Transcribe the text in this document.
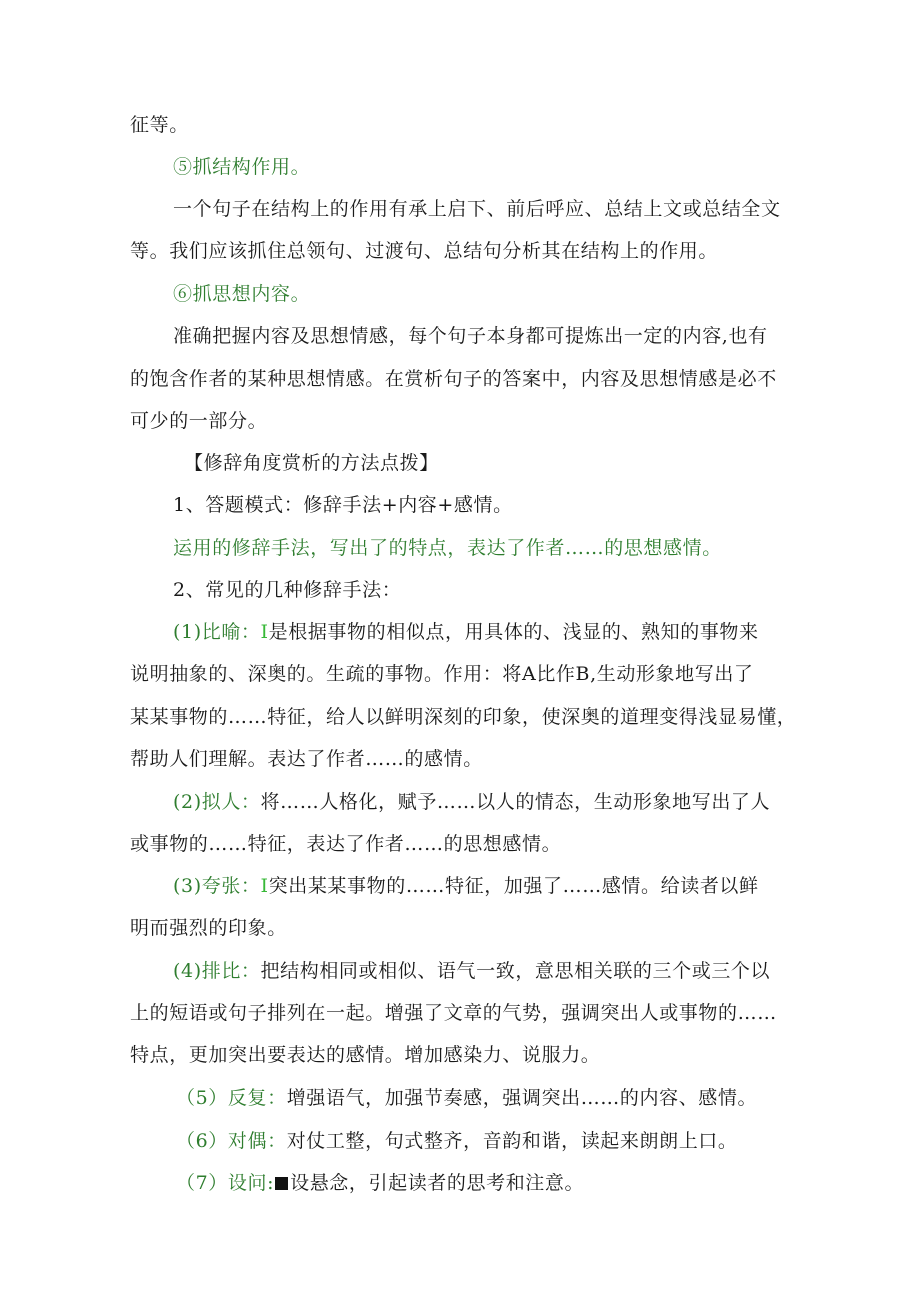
征等。
⑤抓结构作用。
一个句子在结构上的作用有承上启下、前后呼应、总结上文或总结全文
等。我们应该抓住总领句、过渡句、总结句分析其在结构上的作用。
⑥抓思想内容。
准确把握内容及思想情感，每个句子本身都可提炼出一定的内容,也有
的饱含作者的某种思想情感。在赏析句子的答案中，内容及思想情感是必不
可少的一部分。
【修辞角度赏析的方法点拨】
1、答题模式：修辞手法+内容+感情。
运用的修辞手法，写出了的特点，表达了作者……的思想感情。
2、常见的几种修辞手法：
(1)比喻：I是根据事物的相似点，用具体的、浅显的、熟知的事物来
说明抽象的、深奥的。生疏的事物。作用：将A比作B,生动形象地写出了
某某事物的……特征，给人以鲜明深刻的印象，使深奥的道理变得浅显易懂，
帮助人们理解。表达了作者……的感情。
(2)拟人：将……人格化，赋予……以人的情态，生动形象地写出了人
或事物的……特征，表达了作者……的思想感情。
(3)夸张：I突出某某事物的……特征，加强了……感情。给读者以鲜
明而强烈的印象。
(4)排比：把结构相同或相似、语气一致，意思相关联的三个或三个以
上的短语或句子排列在一起。增强了文章的气势，强调突出人或事物的……
特点，更加突出要表达的感情。增加感染力、说服力。
（5）反复：增强语气，加强节奏感，强调突出……的内容、感情。
（6）对偶：对仗工整，句式整齐，音韵和谐，读起来朗朗上口。
（7）设问: 设悬念，引起读者的思考和注意。
